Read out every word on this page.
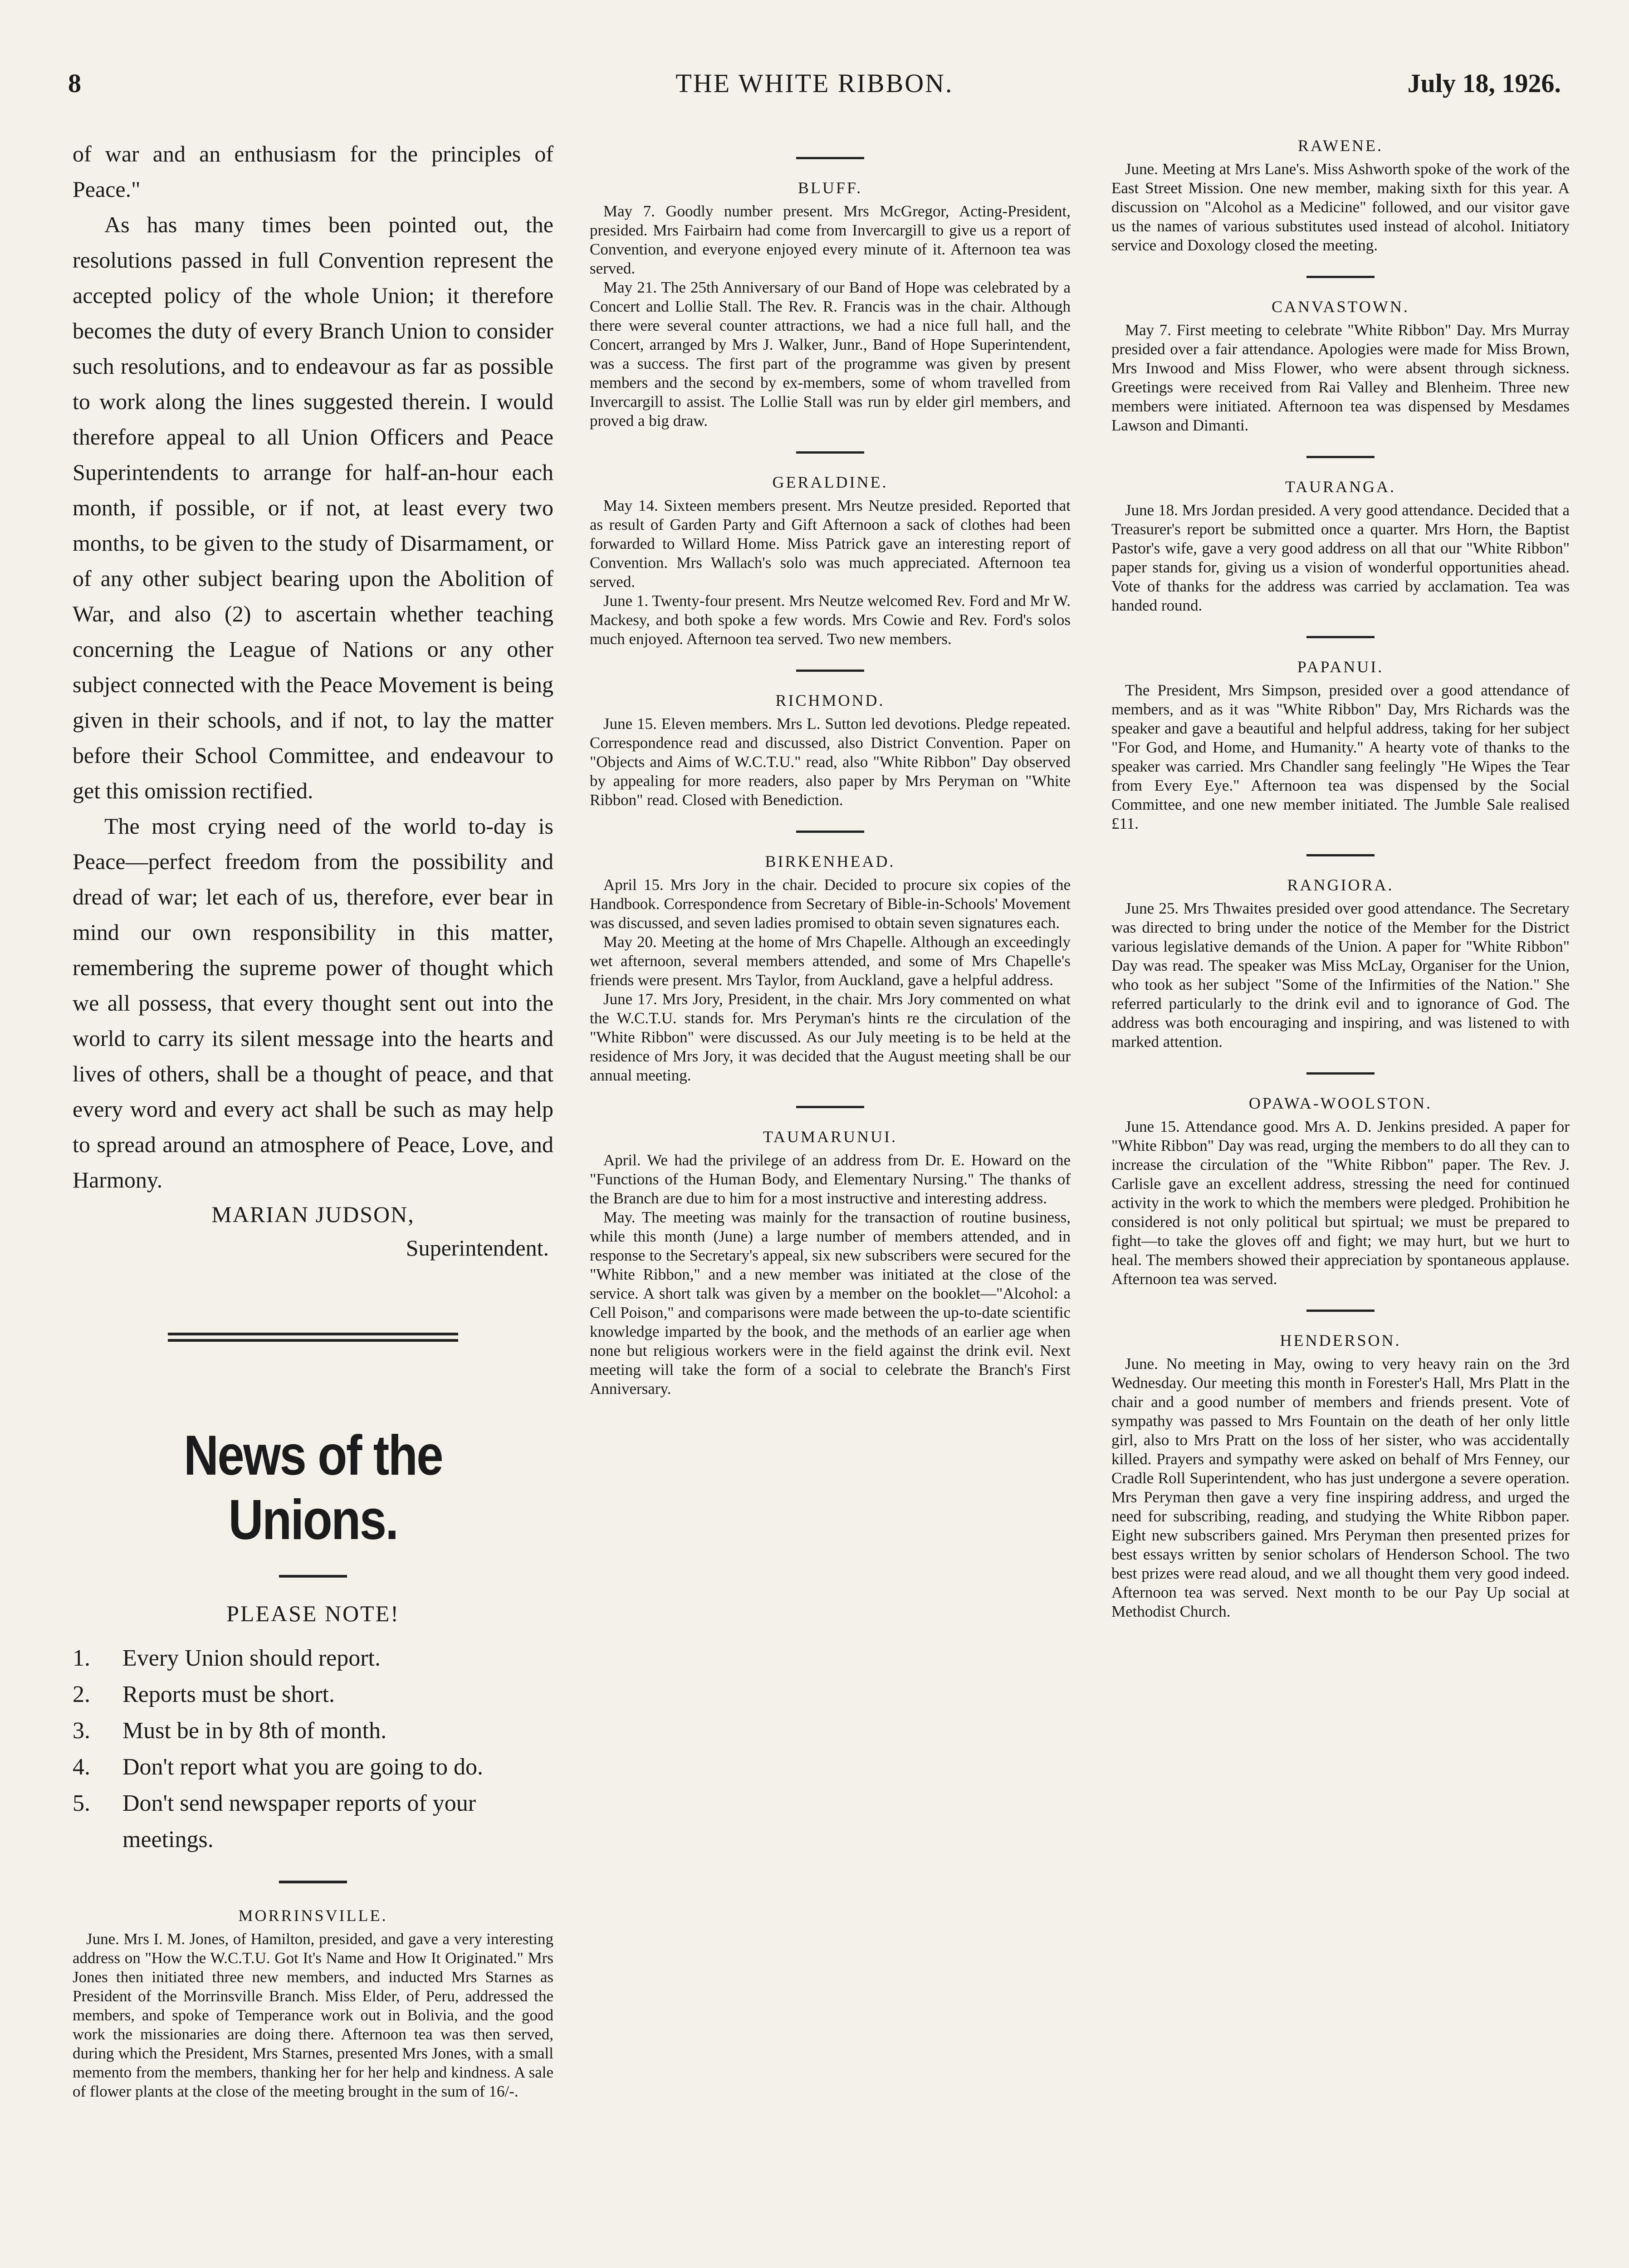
8	THE WHITE RIBBON.	July 18, 1926.

of war and an enthusiasm for the principles of Peace."

As has many times been pointed out, the resolutions passed in full Convention represent the accepted policy of the whole Union; it therefore becomes the duty of every Branch Union to consider such resolutions, and to endeavour as far as possible to work along the lines suggested therein. I would therefore appeal to all Union Officers and Peace Superintendents to arrange for half-an-hour each month, if possible, or if not, at least every two months, to be given to the study of Disarmament, or of any other subject bearing upon the Abolition of War, and also (2) to ascertain whether teaching concerning the League of Nations or any other subject connected with the Peace Movement is being given in their schools, and if not, to lay the matter before their School Committee, and endeavour to get this omission rectified.

The most crying need of the world to-day is Peace—perfect freedom from the possibility and dread of war; let each of us, therefore, ever bear in mind our own responsibility in this matter, remembering the supreme power of thought which we all possess, that every thought sent out into the world to carry its silent message into the hearts and lives of others, shall be a thought of peace, and that every word and every act shall be such as may help to spread around an atmosphere of Peace, Love, and Harmony.

MARIAN JUDSON,

Superintendent.

News of the Unions.
PLEASE NOTE!
1.	Every Union should report.
2.	Reports must be short.
3.	Must be in by 8th of month.
4.	Don't report what you are going to do.
5.	Don't send newspaper reports of your meetings.
MORRINSVILLE.

June. Mrs I. M. Jones, of Hamilton, presided, and gave a very interesting address on "How the W.C.T.U. Got It's Name and How It Originated." Mrs Jones then initiated three new members, and inducted Mrs Starnes as President of the Morrinsville Branch. Miss Elder, of Peru, addressed the members, and spoke of Temperance work out in Bolivia, and the good work the missionaries are doing there. Afternoon tea was then served, during which the President, Mrs Starnes, presented Mrs Jones, with a small memento from the members, thanking her for her help and kindness. A sale of flower plants at the close of the meeting brought in the sum of 16/-.

BLUFF.

May 7. Goodly number present. Mrs McGregor, Acting-President, presided. Mrs Fairbairn had come from Invercargill to give us a report of Convention, and everyone enjoyed every minute of it. Afternoon tea was served.

May 21. The 25th Anniversary of our Band of Hope was celebrated by a Concert and Lollie Stall. The Rev. R. Francis was in the chair. Although there were several counter attractions, we had a nice full hall, and the Concert, arranged by Mrs J. Walker, Junr., Band of Hope Superintendent, was a success. The first part of the programme was given by present members and the second by ex-members, some of whom travelled from Invercargill to assist. The Lollie Stall was run by elder girl members, and proved a big draw.

GERALDINE.

May 14. Sixteen members present. Mrs Neutze presided. Reported that as result of Garden Party and Gift Afternoon a sack of clothes had been forwarded to Willard Home. Miss Patrick gave an interesting report of Convention. Mrs Wallach's solo was much appreciated. Afternoon tea served.

June 1. Twenty-four present. Mrs Neutze welcomed Rev. Ford and Mr W. Mackesy, and both spoke a few words. Mrs Cowie and Rev. Ford's solos much enjoyed. Afternoon tea served. Two new members.

RICHMOND.

June 15. Eleven members. Mrs L. Sutton led devotions. Pledge repeated. Correspondence read and discussed, also District Convention. Paper on "Objects and Aims of W.C.T.U." read, also "White Ribbon" Day observed by appealing for more readers, also paper by Mrs Peryman on "White Ribbon" read. Closed with Benediction.

BIRKENHEAD.

April 15. Mrs Jory in the chair. Decided to procure six copies of the Handbook. Correspondence from Secretary of Bible-in-Schools' Movement was discussed, and seven ladies promised to obtain seven signatures each.

May 20. Meeting at the home of Mrs Chapelle. Although an exceedingly wet afternoon, several members attended, and some of Mrs Chapelle's friends were present. Mrs Taylor, from Auckland, gave a helpful address.

June 17. Mrs Jory, President, in the chair. Mrs Jory commented on what the W.C.T.U. stands for. Mrs Peryman's hints re the circulation of the "White Ribbon" were discussed. As our July meeting is to be held at the residence of Mrs Jory, it was decided that the August meeting shall be our annual meeting.

TAUMARUNUI.

April. We had the privilege of an address from Dr. E. Howard on the "Functions of the Human Body, and Elementary Nursing." The thanks of the Branch are due to him for a most instructive and interesting address.

May. The meeting was mainly for the transaction of routine business, while this month (June) a large number of members attended, and in response to the Secretary's appeal, six new subscribers were secured for the "White Ribbon," and a new member was initiated at the close of the service. A short talk was given by a member on the booklet—"Alcohol: a Cell Poison," and comparisons were made between the up-to-date scientific knowledge imparted by the book, and the methods of an earlier age when none but religious workers were in the field against the drink evil. Next meeting will take the form of a social to celebrate the Branch's First Anniversary.

RAWENE.

June. Meeting at Mrs Lane's. Miss Ashworth spoke of the work of the East Street Mission. One new member, making sixth for this year. A discussion on "Alcohol as a Medicine" followed, and our visitor gave us the names of various substitutes used instead of alcohol. Initiatory service and Doxology closed the meeting.

CANVASTOWN.

May 7. First meeting to celebrate "White Ribbon" Day. Mrs Murray presided over a fair attendance. Apologies were made for Miss Brown, Mrs Inwood and Miss Flower, who were absent through sickness. Greetings were received from Rai Valley and Blenheim. Three new members were initiated. Afternoon tea was dispensed by Mesdames Lawson and Dimanti.

TAURANGA.

June 18. Mrs Jordan presided. A very good attendance. Decided that a Treasurer's report be submitted once a quarter. Mrs Horn, the Baptist Pastor's wife, gave a very good address on all that our "White Ribbon" paper stands for, giving us a vision of wonderful opportunities ahead. Vote of thanks for the address was carried by acclamation. Tea was handed round.

PAPANUI.

The President, Mrs Simpson, presided over a good attendance of members, and as it was "White Ribbon" Day, Mrs Richards was the speaker and gave a beautiful and helpful address, taking for her subject "For God, and Home, and Humanity." A hearty vote of thanks to the speaker was carried. Mrs Chandler sang feelingly "He Wipes the Tear from Every Eye." Afternoon tea was dispensed by the Social Committee, and one new member initiated. The Jumble Sale realised £11.

RANGIORA.

June 25. Mrs Thwaites presided over good attendance. The Secretary was directed to bring under the notice of the Member for the District various legislative demands of the Union. A paper for "White Ribbon" Day was read. The speaker was Miss McLay, Organiser for the Union, who took as her subject "Some of the Infirmities of the Nation." She referred particularly to the drink evil and to ignorance of God. The address was both encouraging and inspiring, and was listened to with marked attention.

OPAWA-WOOLSTON.

June 15. Attendance good. Mrs A. D. Jenkins presided. A paper for "White Ribbon" Day was read, urging the members to do all they can to increase the circulation of the "White Ribbon" paper. The Rev. J. Carlisle gave an excellent address, stressing the need for continued activity in the work to which the members were pledged. Prohibition he considered is not only political but spirtual; we must be prepared to fight—to take the gloves off and fight; we may hurt, but we hurt to heal. The members showed their appreciation by spontaneous applause. Afternoon tea was served.

HENDERSON.

June. No meeting in May, owing to very heavy rain on the 3rd Wednesday. Our meeting this month in Forester's Hall, Mrs Platt in the chair and a good number of members and friends present. Vote of sympathy was passed to Mrs Fountain on the death of her only little girl, also to Mrs Pratt on the loss of her sister, who was accidentally killed. Prayers and sympathy were asked on behalf of Mrs Fenney, our Cradle Roll Superintendent, who has just undergone a severe operation. Mrs Peryman then gave a very fine inspiring address, and urged the need for subscribing, reading, and studying the White Ribbon paper. Eight new subscribers gained. Mrs Peryman then presented prizes for best essays written by senior scholars of Henderson School. The two best prizes were read aloud, and we all thought them very good indeed. Afternoon tea was served. Next month to be our Pay Up social at Methodist Church.
